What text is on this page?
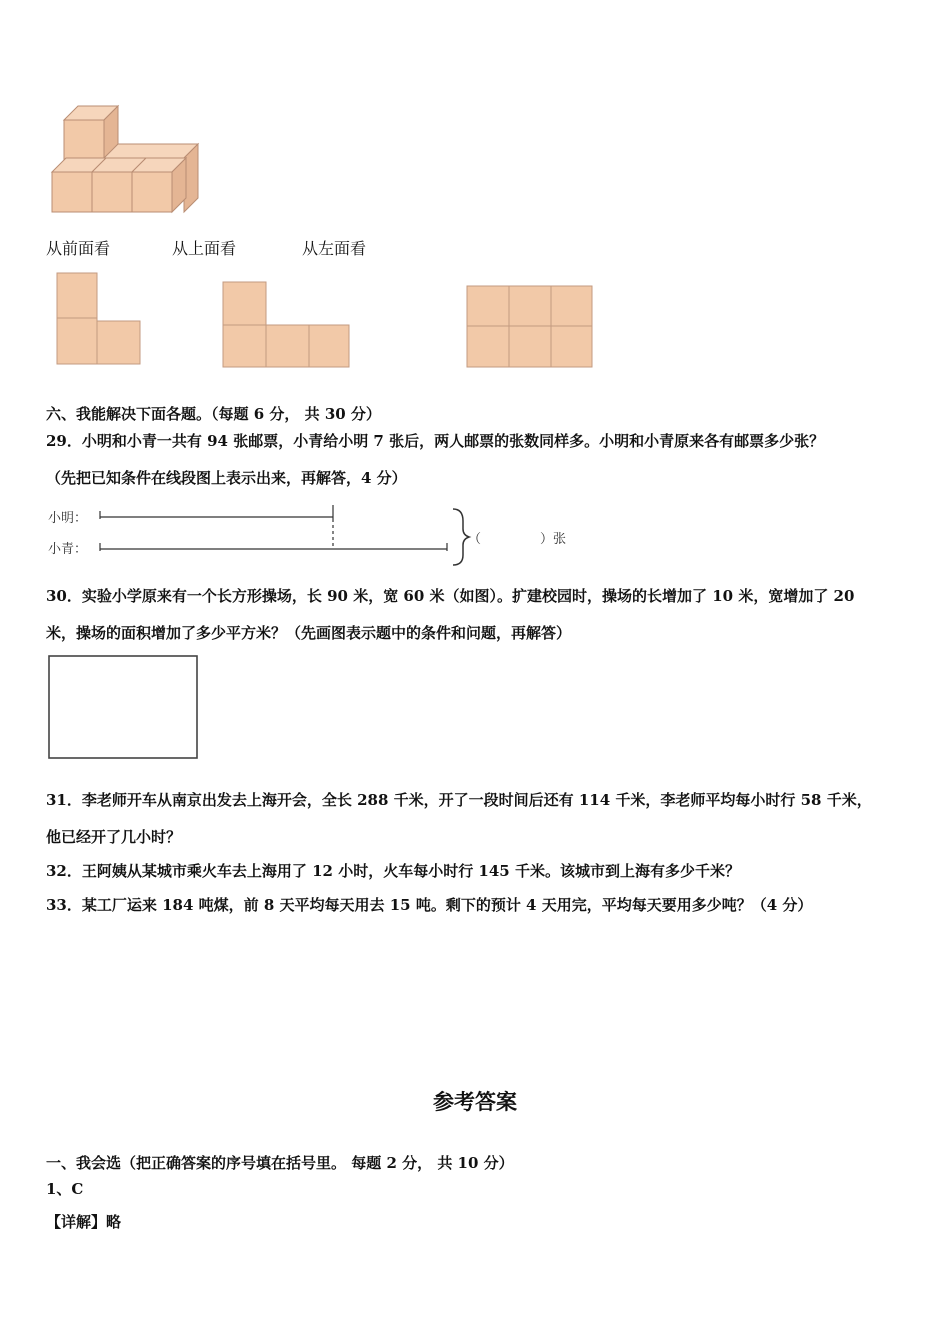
从前面看	从上面看	从左面看
六、我能解决下面各题。（每题 6 分， 共 30 分）
29．小明和小青一共有 94 张邮票，小青给小明 7 张后，两人邮票的张数同样多。小明和小青原来各有邮票多少张？
（先把已知条件在线段图上表示出来，再解答，4 分）
小明：
小青：
（	）张
30．实验小学原来有一个长方形操场，长 90 米，宽 60 米（如图）。扩建校园时，操场的长增加了 10 米，宽增加了 20
米，操场的面积增加了多少平方米？（先画图表示题中的条件和问题，再解答）
31．李老师开车从南京出发去上海开会，全长 288 千米，开了一段时间后还有 114 千米，李老师平均每小时行 58 千米，
他已经开了几小时？
32．王阿姨从某城市乘火车去上海用了 12 小时，火车每小时行 145 千米。该城市到上海有多少千米？
33．某工厂运来 184 吨煤，前 8 天平均每天用去 15 吨。剩下的预计 4 天用完，平均每天要用多少吨？（4 分）
参考答案
一、我会选（把正确答案的序号填在括号里。 每题 2 分， 共 10 分）
1、C
【详解】略
